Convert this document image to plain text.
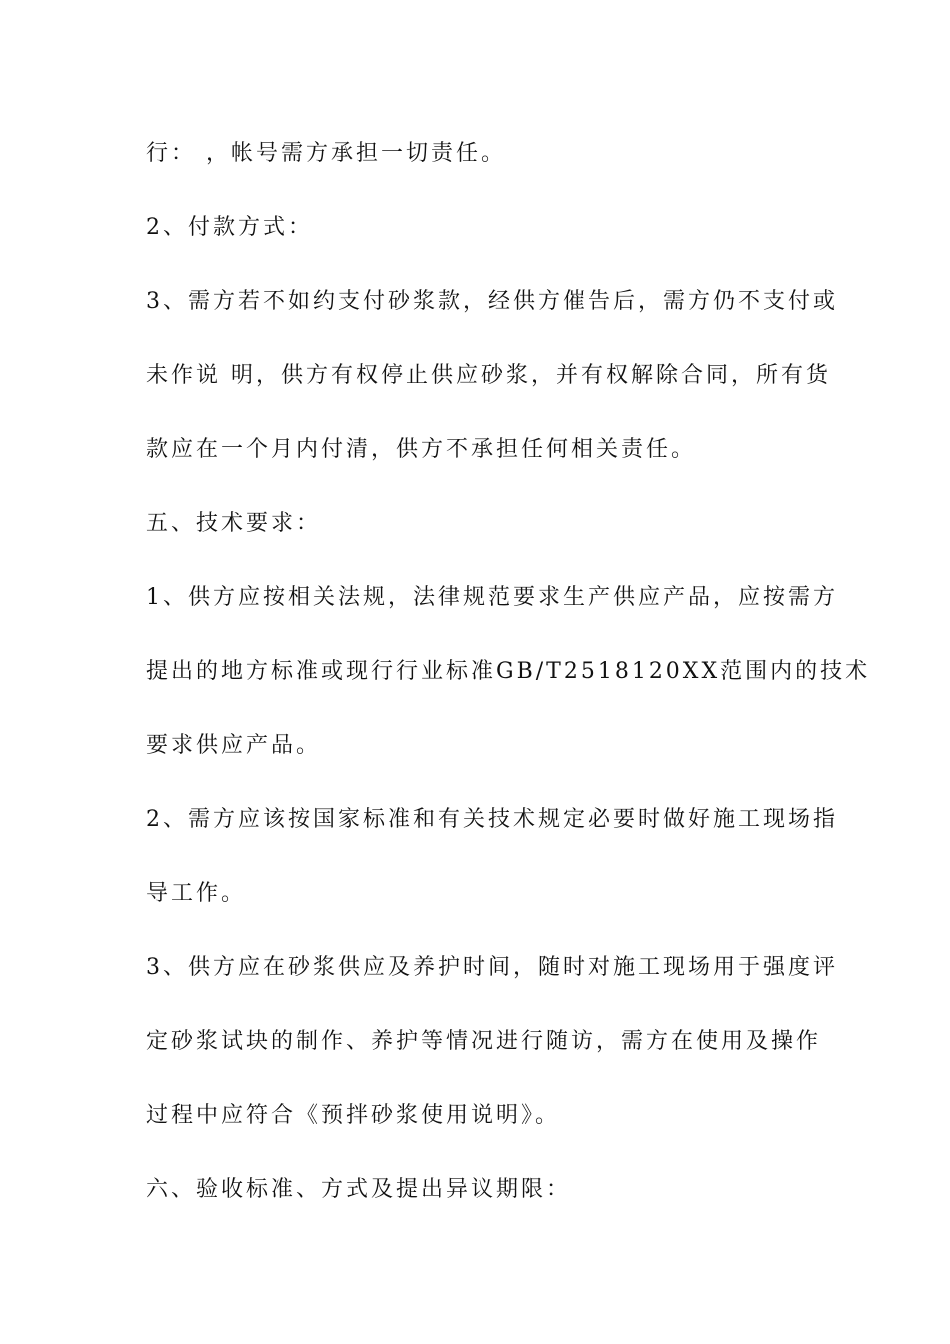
行： ，帐号需方承担一切责任。
2、付款方式：
3、需方若不如约支付砂浆款，经供方催告后，需方仍不支付或
未作说 明，供方有权停止供应砂浆，并有权解除合同，所有货
款应在一个月内付清，供方不承担任何相关责任。
五、技术要求：
1、供方应按相关法规，法律规范要求生产供应产品，应按需方
提出的地方标准或现行行业标准GB/T2518120XX范围内的技术
要求供应产品。
2、需方应该按国家标准和有关技术规定必要时做好施工现场指
导工作。
3、供方应在砂浆供应及养护时间，随时对施工现场用于强度评
定砂浆试块的制作、养护等情况进行随访，需方在使用及操作
过程中应符合《预拌砂浆使用说明》。
六、验收标准、方式及提出异议期限：
